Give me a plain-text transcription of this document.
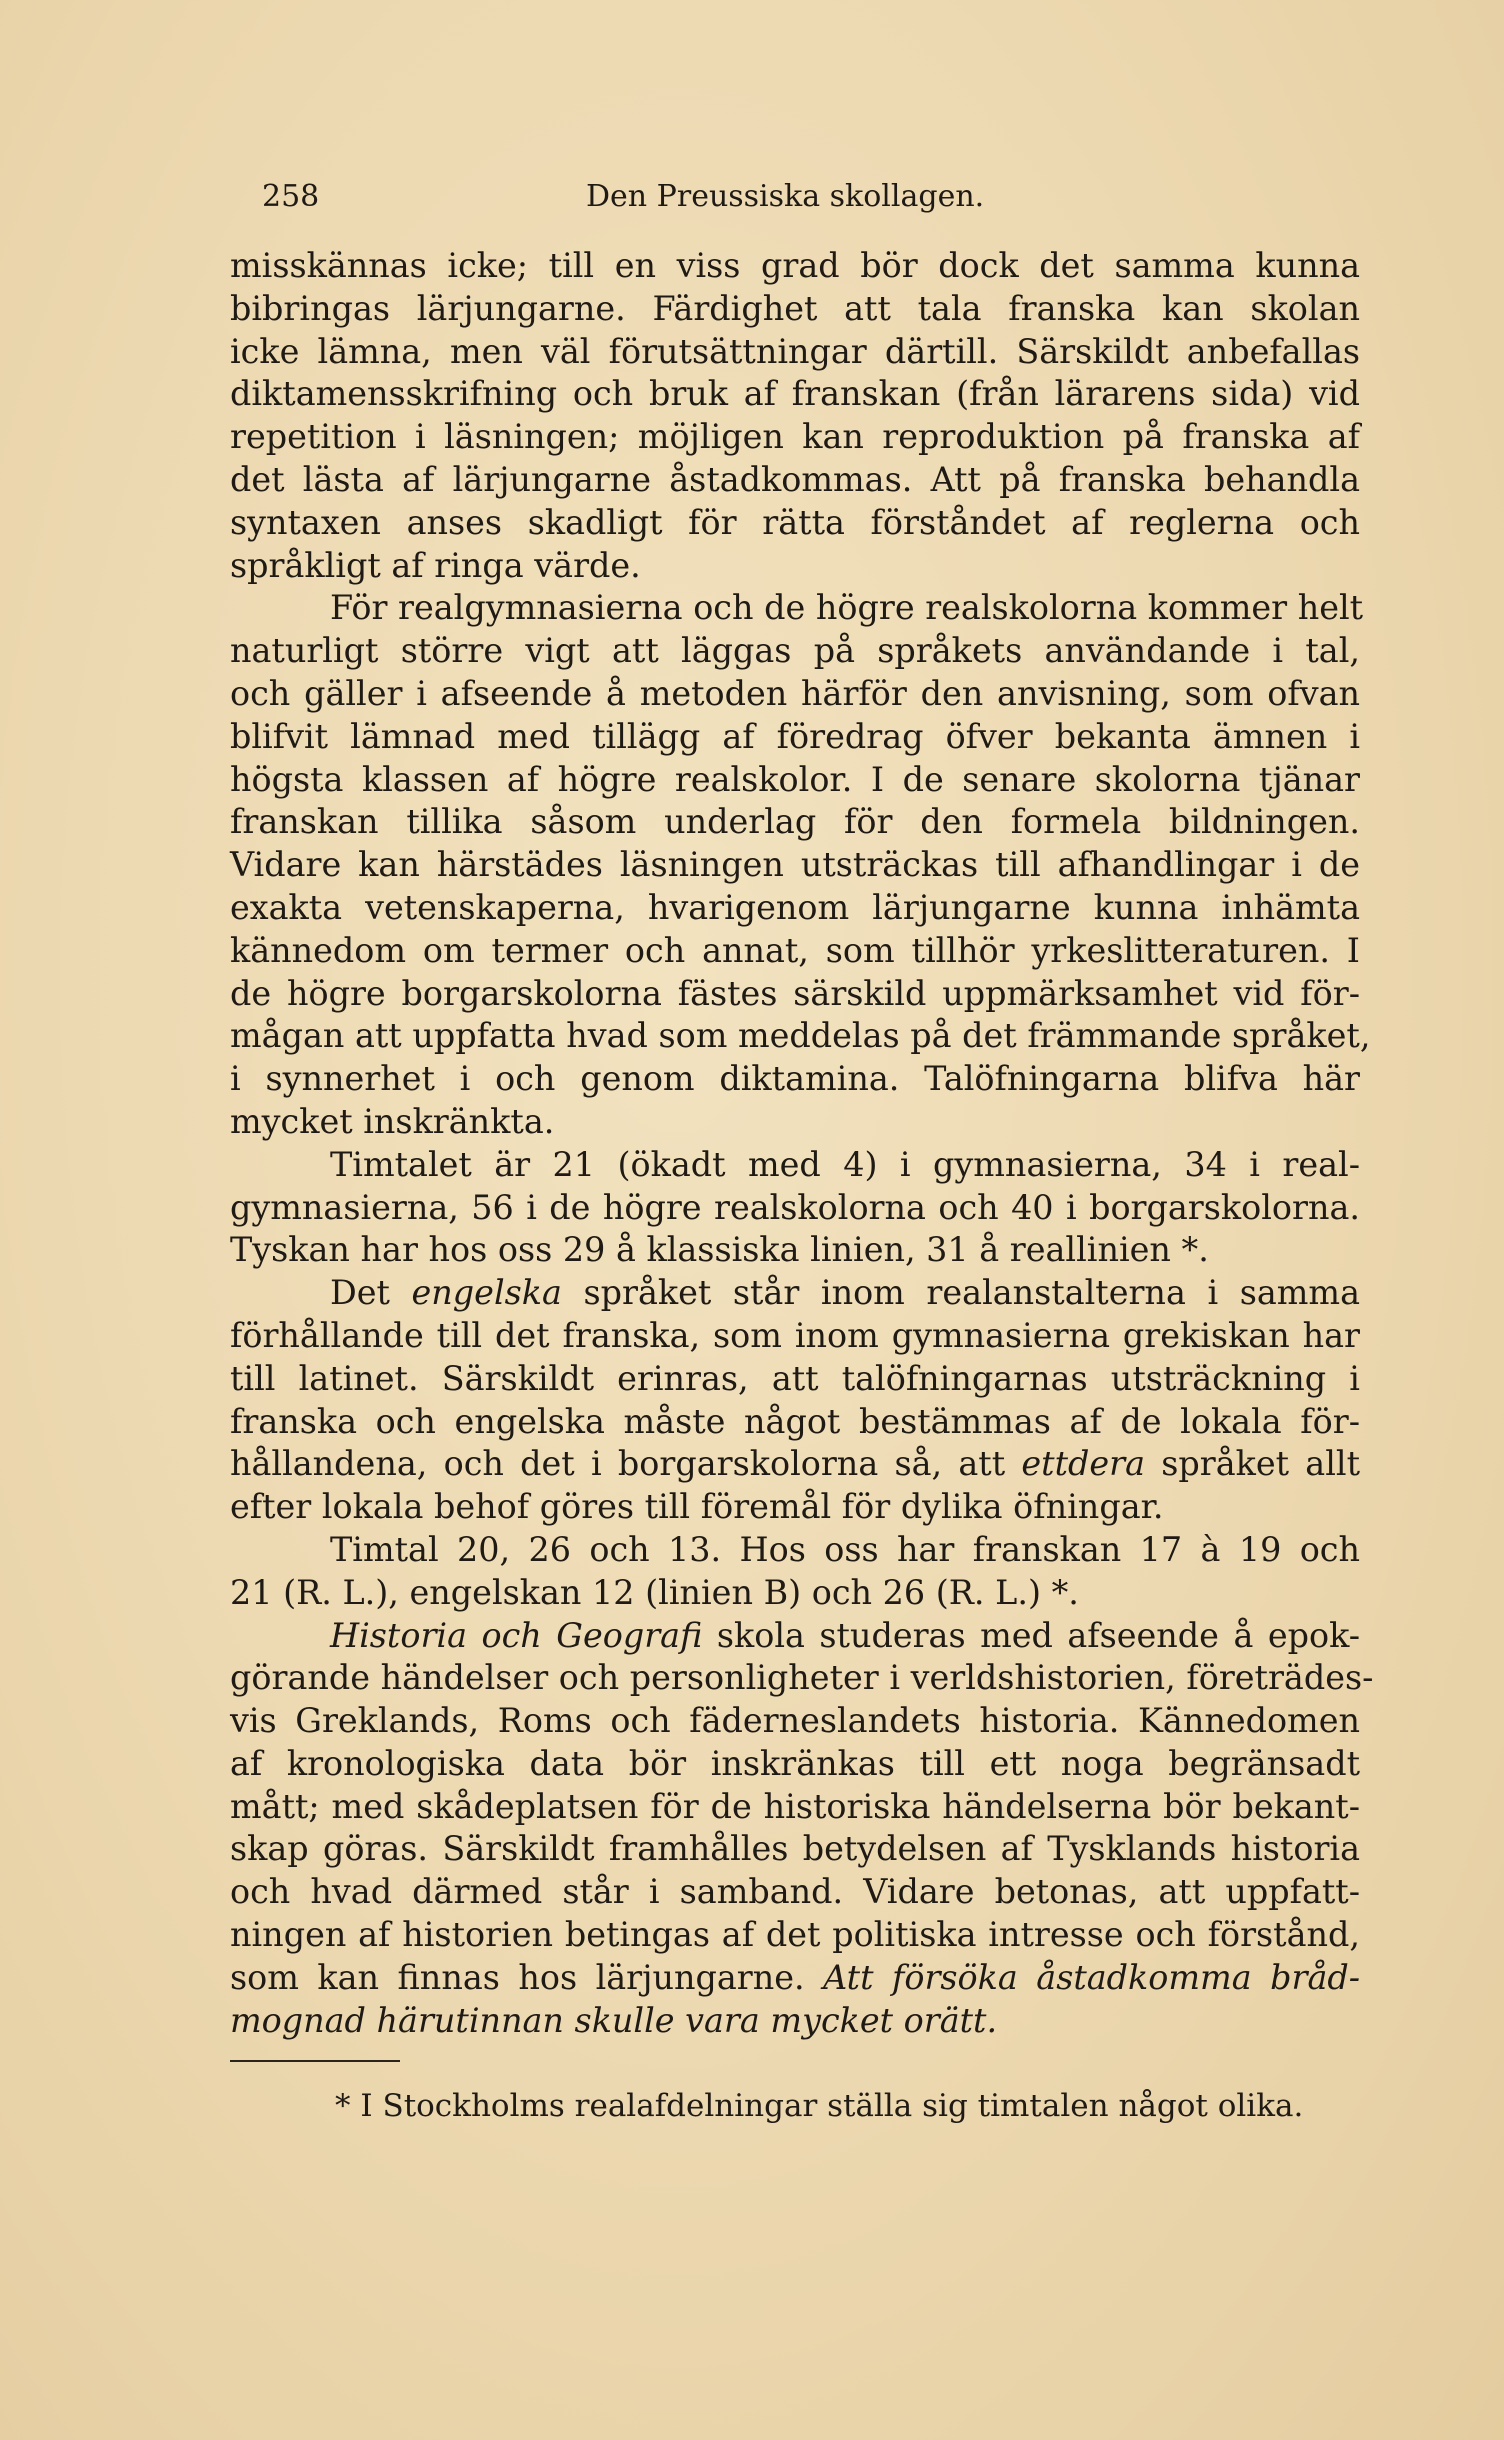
258	Den Preussiska skollagen.
misskännas icke; till en viss grad bör dock det samma kunna
bibringas lärjungarne. Färdighet att tala franska kan skolan
icke lämna, men väl förutsättningar därtill. Särskildt anbefallas
diktamensskrifning och bruk af franskan (från lärarens sida) vid
repetition i läsningen; möjligen kan reproduktion på franska af
det lästa af lärjungarne åstadkommas. Att på franska behandla
syntaxen anses skadligt för rätta förståndet af reglerna och
språkligt af ringa värde.
För realgymnasierna och de högre realskolorna kommer helt
naturligt större vigt att läggas på språkets användande i tal,
och gäller i afseende å metoden härför den anvisning, som ofvan
blifvit lämnad med tillägg af föredrag öfver bekanta ämnen i
högsta klassen af högre realskolor. I de senare skolorna tjänar
franskan tillika såsom underlag för den formela bildningen.
Vidare kan härstädes läsningen utsträckas till afhandlingar i de
exakta vetenskaperna, hvarigenom lärjungarne kunna inhämta
kännedom om termer och annat, som tillhör yrkeslitteraturen. I
de högre borgarskolorna fästes särskild uppmärksamhet vid för-
mågan att uppfatta hvad som meddelas på det främmande språket,
i synnerhet i och genom diktamina. Talöfningarna blifva här
mycket inskränkta.
Timtalet är 21 (ökadt med 4) i gymnasierna, 34 i real-
gymnasierna, 56 i de högre realskolorna och 40 i borgarskolorna.
Tyskan har hos oss 29 å klassiska linien, 31 å reallinien *.
Det engelska språket står inom realanstalterna i samma
förhållande till det franska, som inom gymnasierna grekiskan har
till latinet. Särskildt erinras, att talöfningarnas utsträckning i
franska och engelska måste något bestämmas af de lokala för-
hållandena, och det i borgarskolorna så, att ettdera språket allt
efter lokala behof göres till föremål för dylika öfningar.
Timtal 20, 26 och 13. Hos oss har franskan 17 à 19 och
21 (R. L.), engelskan 12 (linien B) och 26 (R. L.) *.
Historia och Geografi skola studeras med afseende å epok-
görande händelser och personligheter i verldshistorien, företrädes-
vis Greklands, Roms och fäderneslandets historia. Kännedomen
af kronologiska data bör inskränkas till ett noga begränsadt
mått; med skådeplatsen för de historiska händelserna bör bekant-
skap göras. Särskildt framhålles betydelsen af Tysklands historia
och hvad därmed står i samband. Vidare betonas, att uppfatt-
ningen af historien betingas af det politiska intresse och förstånd,
som kan finnas hos lärjungarne. Att försöka åstadkomma bråd-
mognad härutinnan skulle vara mycket orätt.
* I Stockholms realafdelningar ställa sig timtalen något olika.
